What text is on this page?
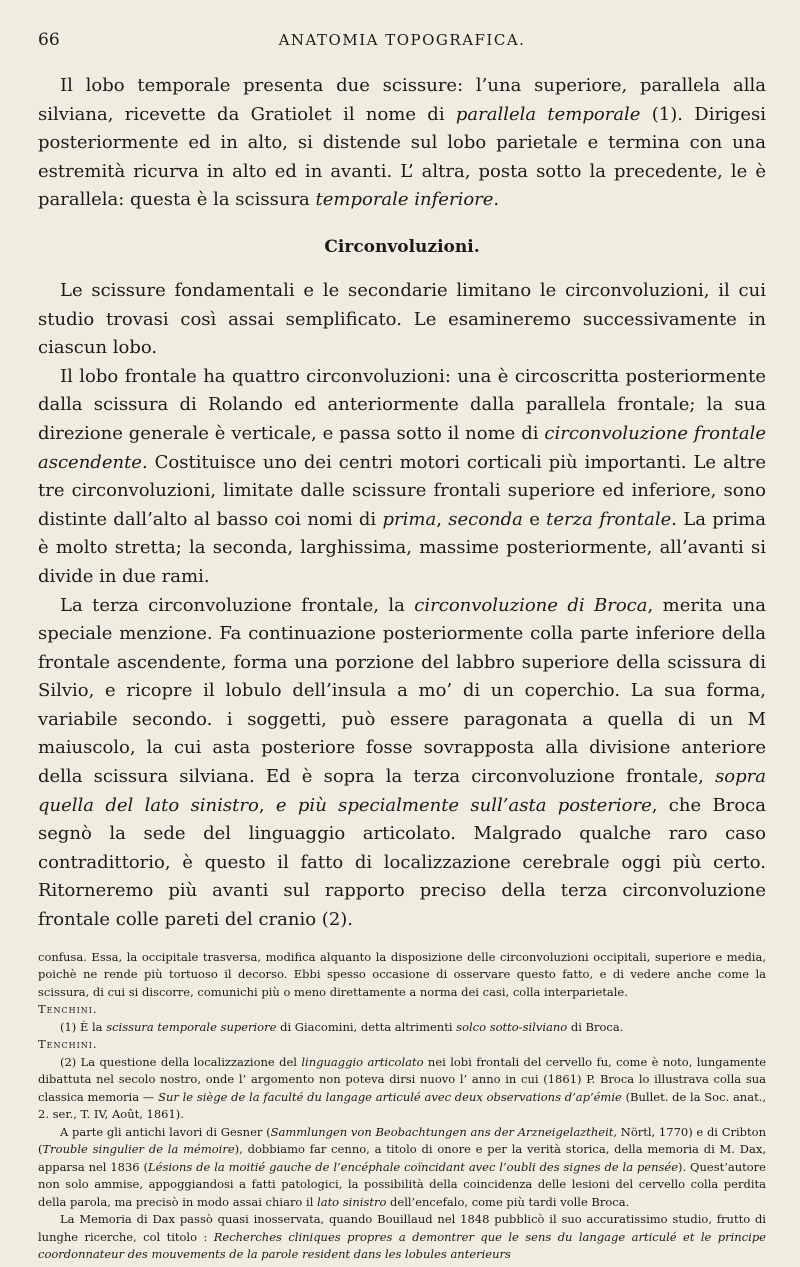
66	ANATOMIA TOPOGRAFICA.

Il lobo temporale presenta due scissure: l’una superiore, parallela alla silviana, ricevette da Gratiolet il nome di parallela temporale (1). Dirigesi posteriormente ed in alto, si distende sul lobo parietale e termina con una estremità ricurva in alto ed in avanti. L’ altra, posta sotto la precedente, le è parallela: questa è la scissura temporale inferiore.

Circonvoluzioni.

Le scissure fondamentali e le secondarie limitano le circonvoluzioni, il cui studio trovasi così assai semplificato. Le esamineremo successivamente in ciascun lobo.

Il lobo frontale ha quattro circonvoluzioni: una è circoscritta posteriormente dalla scissura di Rolando ed anteriormente dalla parallela frontale; la sua direzione generale è verticale, e passa sotto il nome di circonvoluzione frontale ascendente. Costituisce uno dei centri motori corticali più importanti. Le altre tre circonvoluzioni, limitate dalle scissure frontali superiore ed inferiore, sono distinte dall’alto al basso coi nomi di prima, seconda e terza frontale. La prima è molto stretta; la seconda, larghissima, massime posteriormente, all’avanti si divide in due rami.

La terza circonvoluzione frontale, la circonvoluzione di Broca, merita una speciale menzione. Fa continuazione posteriormente colla parte inferiore della frontale ascendente, forma una porzione del labbro superiore della scissura di Silvio, e ricopre il lobulo dell’insula a mo’ di un coperchio. La sua forma, variabile secondo. i soggetti, può essere paragonata a quella di un M maiuscolo, la cui asta posteriore fosse sovrapposta alla divisione anteriore della scissura silviana. Ed è sopra la terza circonvoluzione frontale, sopra quella del lato sinistro, e più specialmente sull’asta posteriore, che Broca segnò la sede del linguaggio articolato. Malgrado qualche raro caso contradittorio, è questo il fatto di localizzazione cerebrale oggi più certo. Ritorneremo più avanti sul rapporto preciso della terza circonvoluzione frontale colle pareti del cranio (2).

confusa. Essa, la occipitale trasversa, modifica alquanto la disposizione delle circonvoluzioni occipitali, superiore e media, poichè ne rende più tortuoso il decorso. Ebbi spesso occasione di osservare questo fatto, e di vedere anche come la scissura, di cui si discorre, comunichi più o meno direttamente a norma dei casi, colla interparietale.

Tenchini.

(1) È la scissura temporale superiore di Giacomini, detta altrimenti solco sotto-silviano di Broca.

Tenchini.

(2) La questione della localizzazione del linguaggio articolato nei lobi frontali del cervello fu, come è noto, lungamente dibattuta nel secolo nostro, onde l’ argomento non poteva dirsi nuovo l’ anno in cui (1861) P. Broca lo illustrava colla sua classica memoria — Sur le siège de la faculté du langage articulé avec deux observations d’ap’émie (Bullet. de la Soc. anat., 2. ser., T. IV, Août, 1861).

A parte gli antichi lavori di Gesner (Sammlungen von Beobachtungen ans der Arzneigelaztheit, Nörtl, 1770) e di Cribton (Trouble singulier de la mémoire), dobbiamo far cenno, a titolo di onore e per la verità storica, della memoria di M. Dax, apparsa nel 1836 (Lésions de la moitié gauche de l’encéphale coïncidant avec l’oubli des signes de la pensée). Quest’autore non solo ammise, appoggiandosi a fatti patologici, la possibilità della coincidenza delle lesioni del cervello colla perdita della parola, ma precisò in modo assai chiaro il lato sinistro dell’encefalo, come più tardi volle Broca.

La Memoria di Dax passò quasi inosservata, quando Bouillaud nel 1848 pubblicò il suo accuratissimo studio, frutto di lunghe ricerche, col titolo : Recherches cliniques propres a demontrer que le sens du langage articulé et le principe coordonnateur des mouvements de la parole resident dans les lobules anterieurs
